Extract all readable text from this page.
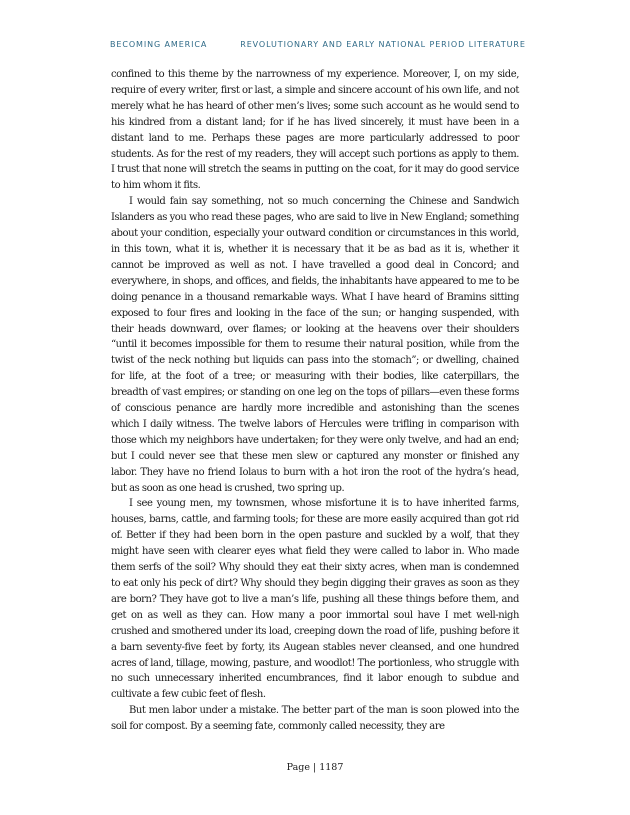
BECOMING AMERICA	REVOLUTIONARY AND EARLY NATIONAL PERIOD LITERATURE

confined to this theme by the narrowness of my experience. Moreover, I, on my side, require of every writer, first or last, a simple and sincere account of his own life, and not merely what he has heard of other men’s lives; some such account as he would send to his kindred from a distant land; for if he has lived sincerely, it must have been in a distant land to me. Perhaps these pages are more particularly addressed to poor students. As for the rest of my readers, they will accept such portions as apply to them. I trust that none will stretch the seams in putting on the coat, for it may do good service to him whom it fits.

I would fain say something, not so much concerning the Chinese and Sandwich Islanders as you who read these pages, who are said to live in New England; something about your condition, especially your outward condition or circumstances in this world, in this town, what it is, whether it is necessary that it be as bad as it is, whether it cannot be improved as well as not. I have travelled a good deal in Concord; and everywhere, in shops, and offices, and fields, the inhabitants have appeared to me to be doing penance in a thousand remarkable ways. What I have heard of Bramins sitting exposed to four fires and looking in the face of the sun; or hanging suspended, with their heads downward, over flames; or looking at the heavens over their shoulders “until it becomes impossible for them to resume their natural position, while from the twist of the neck nothing but liquids can pass into the stomach”; or dwelling, chained for life, at the foot of a tree; or measuring with their bodies, like caterpillars, the breadth of vast empires; or standing on one leg on the tops of pillars—even these forms of conscious penance are hardly more incredible and astonishing than the scenes which I daily witness. The twelve labors of Hercules were trifling in comparison with those which my neighbors have undertaken; for they were only twelve, and had an end; but I could never see that these men slew or captured any monster or finished any labor. They have no friend Iolaus to burn with a hot iron the root of the hydra’s head, but as soon as one head is crushed, two spring up.

I see young men, my townsmen, whose misfortune it is to have inherited farms, houses, barns, cattle, and farming tools; for these are more easily acquired than got rid of. Better if they had been born in the open pasture and suckled by a wolf, that they might have seen with clearer eyes what field they were called to labor in. Who made them serfs of the soil? Why should they eat their sixty acres, when man is condemned to eat only his peck of dirt? Why should they begin digging their graves as soon as they are born? They have got to live a man’s life, pushing all these things before them, and get on as well as they can. How many a poor immortal soul have I met well-nigh crushed and smothered under its load, creeping down the road of life, pushing before it a barn seventy-five feet by forty, its Augean stables never cleansed, and one hundred acres of land, tillage, mowing, pasture, and woodlot! The portionless, who struggle with no such unnecessary inherited encumbrances, find it labor enough to subdue and cultivate a few cubic feet of flesh.

But men labor under a mistake. The better part of the man is soon plowed into the soil for compost. By a seeming fate, commonly called necessity, they are

Page | 1187
